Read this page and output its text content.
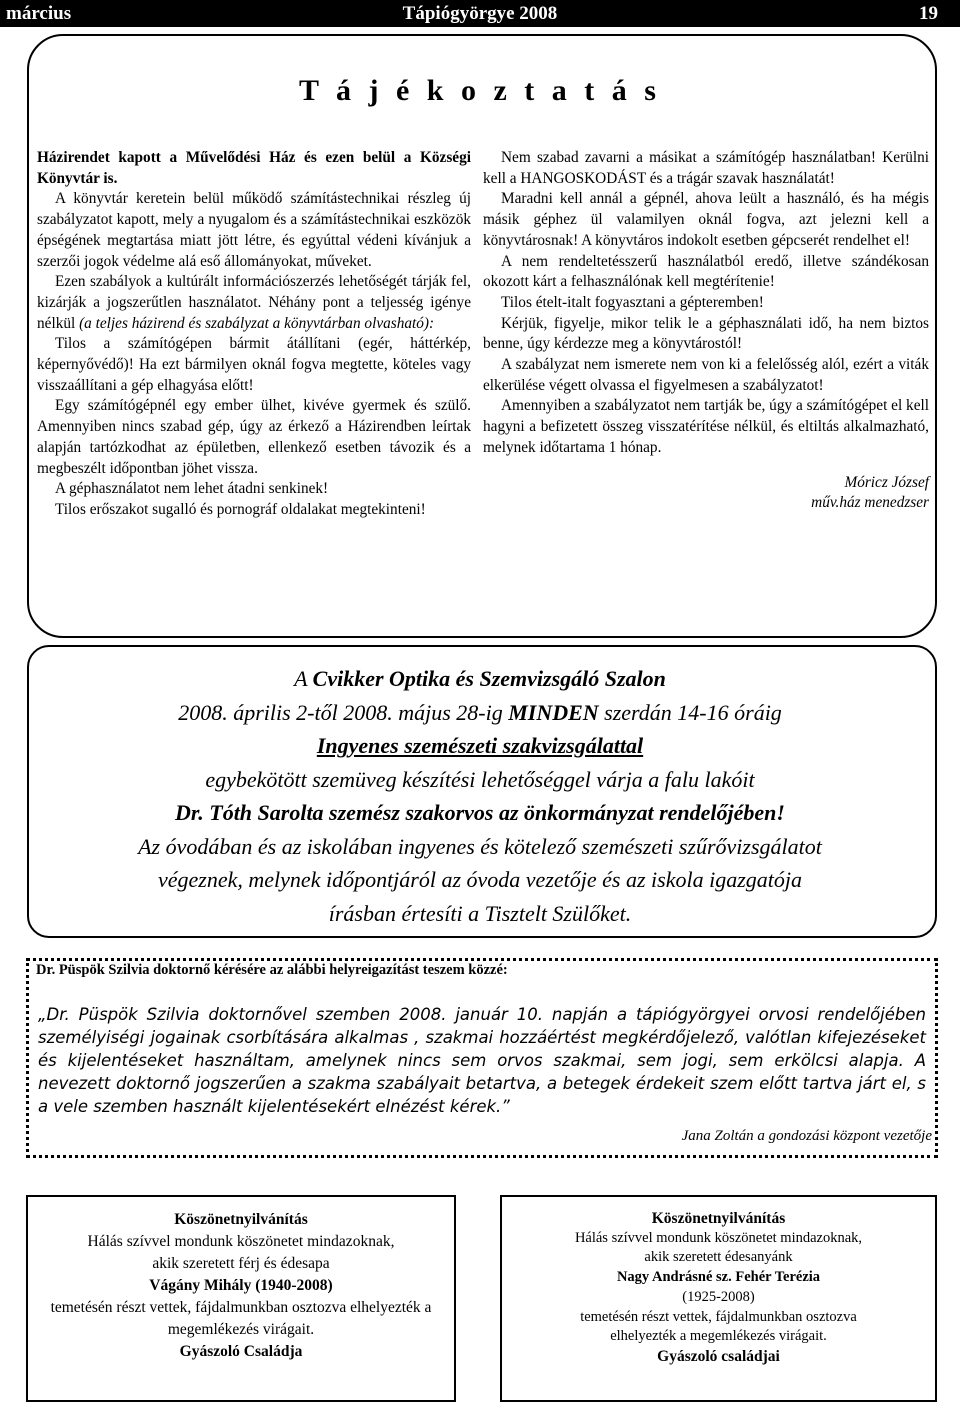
március	Tápiógyörgye 2008	19
T á j é k o z t a t á s

Házirendet kapott a Művelődési Ház és ezen belül a Községi Könyvtár is.

A könyvtár keretein belül működő számítástechnikai részleg új szabályzatot kapott, mely a nyugalom és a számítástechnikai eszközök épségének megtartása miatt jött létre, és egyúttal védeni kívánjuk a szerzői jogok védelme alá eső állományokat, műveket.

Ezen szabályok a kultúrált információszerzés lehetőségét tárják fel, kizárják a jogszerűtlen használatot. Néhány pont a teljesség igénye nélkül (a teljes házirend és szabályzat a könyvtárban olvasható):

Tilos a számítógépen bármit átállítani (egér, háttérkép, képernyővédő)! Ha ezt bármilyen oknál fogva megtette, köteles vagy visszaállítani a gép elhagyása előtt!

Egy számítógépnél egy ember ülhet, kivéve gyermek és szülő. Amennyiben nincs szabad gép, úgy az érkező a Házirendben leírtak alapján tartózkodhat az épületben, ellenkező esetben távozik és a megbeszélt időpontban jöhet vissza.

A géphasználatot nem lehet átadni senkinek!

Tilos erőszakot sugalló és pornográf oldalakat megtekinteni!

Nem szabad zavarni a másikat a számítógép használatban! Kerülni kell a HANGOSKODÁST és a trágár szavak használatát!

Maradni kell annál a gépnél, ahova leült a használó, és ha mégis másik géphez ül valamilyen oknál fogva, azt jelezni kell a könyvtárosnak! A könyvtáros indokolt esetben gépcserét rendelhet el!

A nem rendeltetésszerű használatból eredő, illetve szándékosan okozott kárt a felhasználónak kell megtérítenie!

Tilos ételt-italt fogyasztani a gépteremben!

Kérjük, figyelje, mikor telik le a géphasználati idő, ha nem biztos benne, úgy kérdezze meg a könyvtárostól!

A szabályzat nem ismerete nem von ki a felelősség alól, ezért a viták elkerülése végett olvassa el figyelmesen a szabályzatot!

Amennyiben a szabályzatot nem tartják be, úgy a számítógépet el kell hagyni a befizetett összeg visszatérítése nélkül, és eltiltás alkalmazható, melynek időtartama 1 hónap.

Móricz József
műv.ház menedzser
A Cvikker Optika és Szemvizsgáló Szalon
2008. április 2-től 2008. május 28-ig MINDEN szerdán 14-16 óráig
Ingyenes szemészeti szakvizsgálattal
egybekötött szemüveg készítési lehetőséggel várja a falu lakóit
Dr. Tóth Sarolta szemész szakorvos az önkormányzat rendelőjében!
Az óvodában és az iskolában ingyenes és kötelező szemészeti szűrővizsgálatot
végeznek, melynek időpontjáról az óvoda vezetője és az iskola igazgatója
írásban értesíti a Tisztelt Szülőket.
Dr. Püspök Szilvia doktornő kérésére az alábbi helyreigazítást teszem közzé:
„Dr. Püspök Szilvia doktornővel szemben 2008. január 10. napján a tápiógyörgyei orvosi rendelőjében személyiségi jogainak csorbítására alkalmas , szakmai hozzáértést megkérdőjelező, valótlan kifejezéseket és kijelentéseket használtam, amelynek nincs sem orvos szakmai, sem jogi, sem erkölcsi alapja. A nevezett doktornő jogszerűen a szakma szabályait betartva, a betegek érdekeit szem előtt tartva járt el, s a vele szemben használt kijelentésekért elnézést kérek.”
Jana Zoltán a gondozási központ vezetője
Köszönetnyilvánítás
Hálás szívvel mondunk köszönetet mindazoknak,
akik szeretett férj és édesapa
Vágány Mihály (1940-2008)
temetésén részt vettek, fájdalmunkban osztozva elhelyezték a megemlékezés virágait.
Gyászoló Családja
Köszönetnyilvánítás
Hálás szívvel mondunk köszönetet mindazoknak,
akik szeretett édesanyánk
Nagy Andrásné sz. Fehér Terézia
(1925-2008)
temetésén részt vettek, fájdalmunkban osztozva
elhelyezték a megemlékezés virágait.
Gyászoló családjai
